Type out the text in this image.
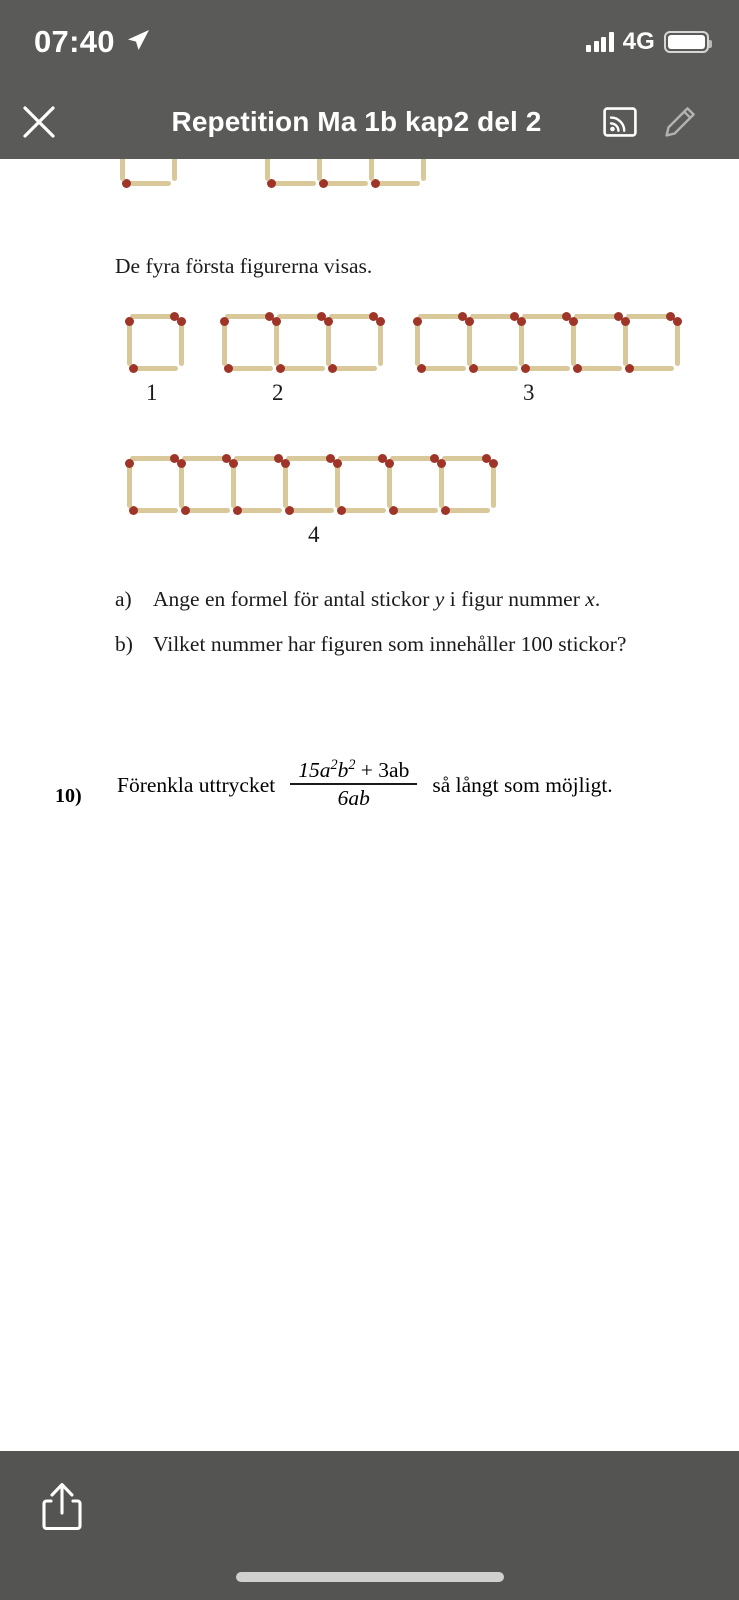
07:40	4G
Repetition Ma 1b kap2 del 2
De fyra första figurerna visas.
1	2	3
4
a) Ange en formel för antal stickor y i figur nummer x.
b) Vilket nummer har figuren som innehåller 100 stickor?
10)	Förenkla uttrycket $\frac{15a^2b^2 + 3ab}{6ab}$ så långt som möjligt.
